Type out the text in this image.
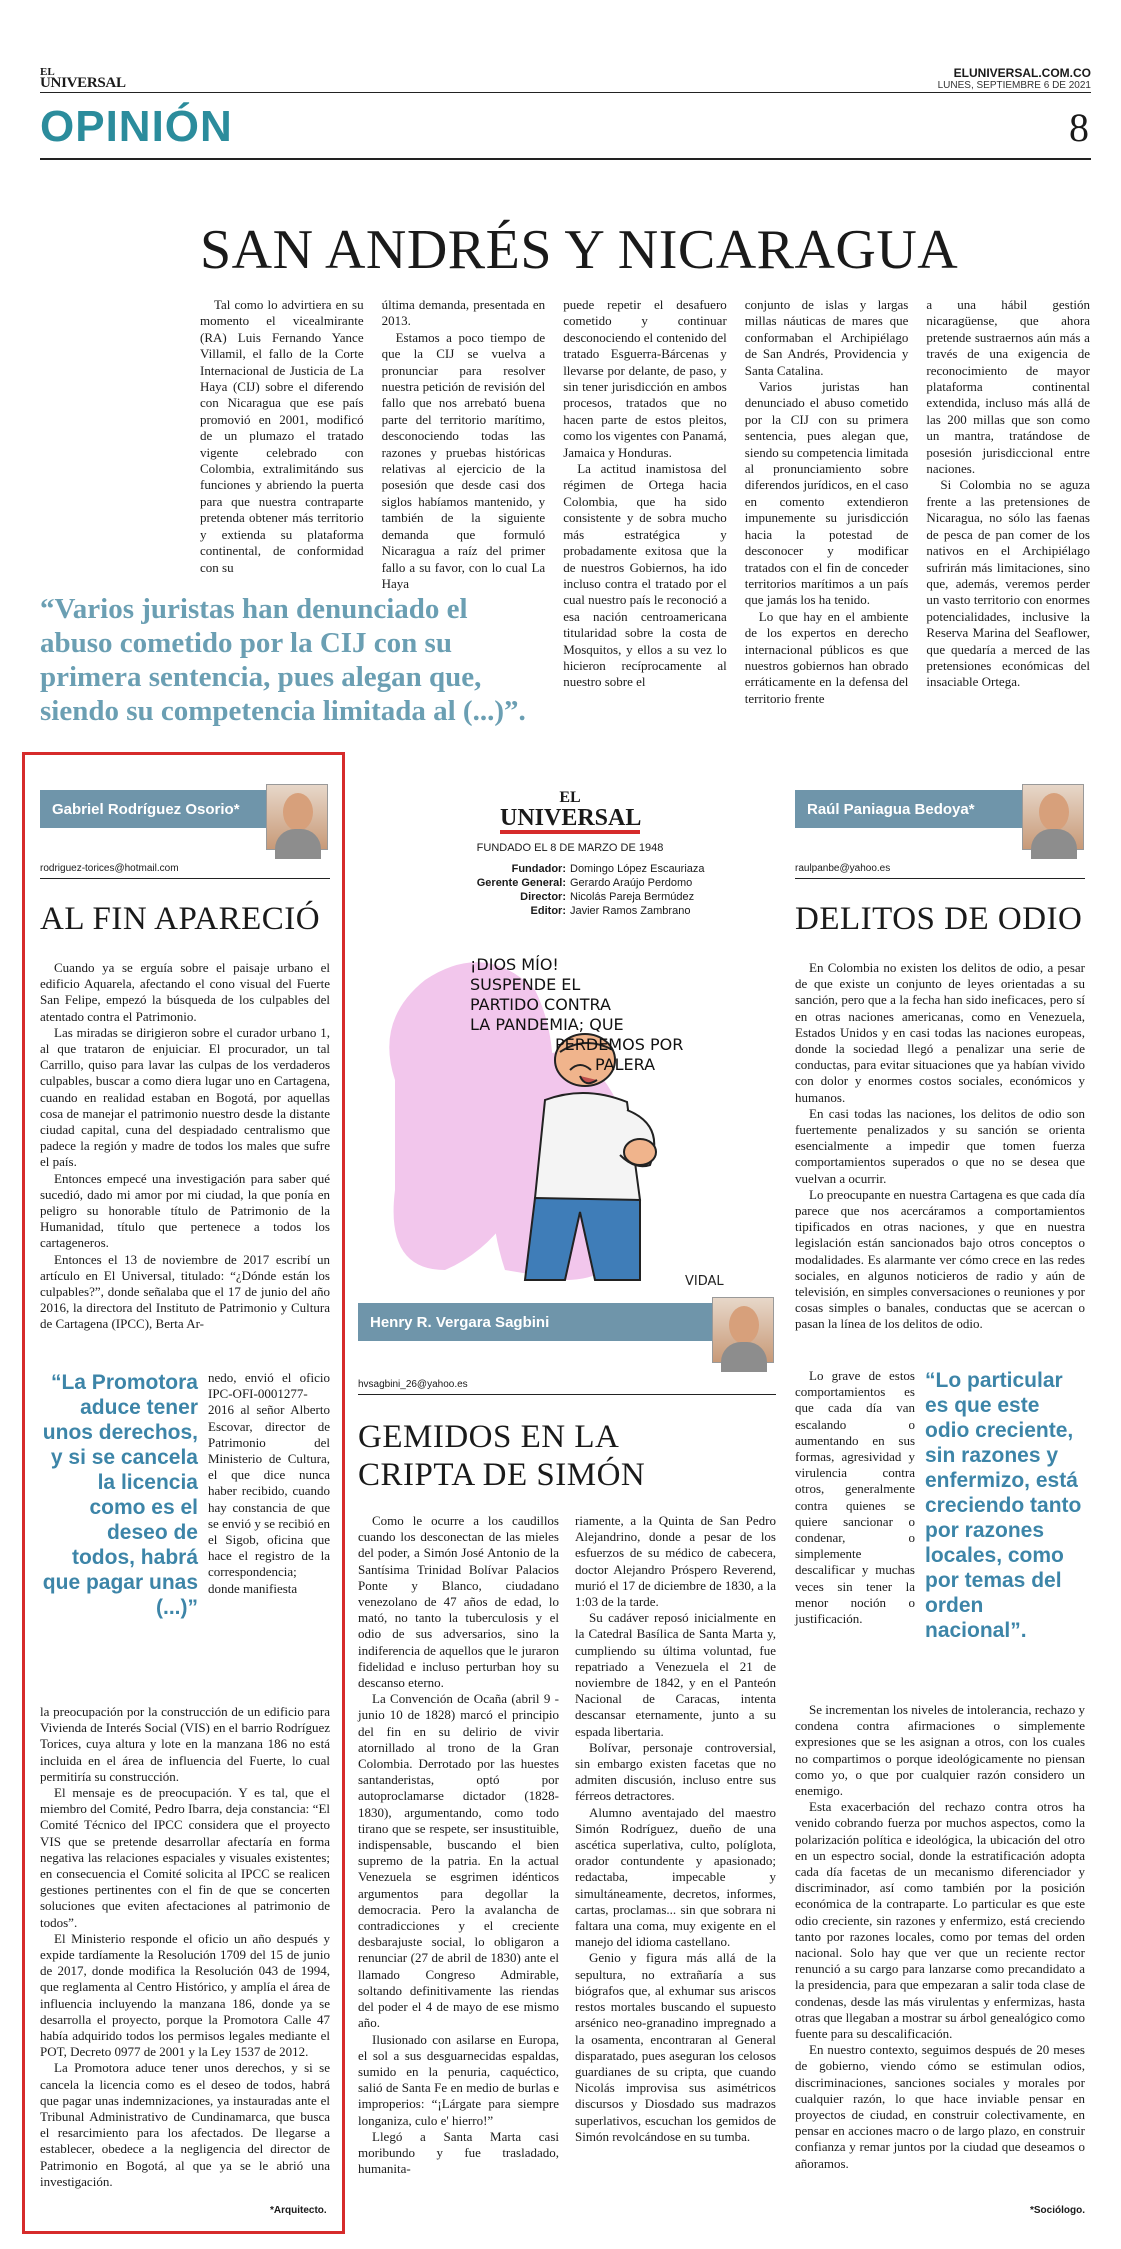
EL
UNIVERSAL
ELUNIVERSAL.COM.CO
LUNES, SEPTIEMBRE 6 DE 2021
OPINIÓN	8
SAN ANDRÉS Y NICARAGUA

Tal como lo advirtiera en su momento el vicealmirante (RA) Luis Fernando Yance Villamil, el fallo de la Corte Internacional de Justicia de La Haya (CIJ) sobre el diferendo con Nicaragua que ese país promovió en 2001, modificó de un plumazo el tratado vigente celebrado con Colombia, extralimitándo sus funciones y abriendo la puerta para que nuestra contraparte pretenda obtener más territorio y extienda su plataforma continental, de conformidad con su

última demanda, presentada en 2013.

Estamos a poco tiempo de que la CIJ se vuelva a pronunciar para resolver nuestra petición de revisión del fallo que nos arrebató buena parte del territorio marítimo, desconociendo todas las razones y pruebas históricas relativas al ejercicio de la posesión que desde casi dos siglos habíamos mantenido, y también de la siguiente demanda que formuló Nicaragua a raíz del primer fallo a su favor, con lo cual La Haya

puede repetir el desafuero cometido y continuar desconociendo el contenido del tratado Esguerra-Bárcenas y llevarse por delante, de paso, y sin tener jurisdicción en ambos procesos, tratados que no hacen parte de estos pleitos, como los vigentes con Panamá, Jamaica y Honduras.

La actitud inamistosa del régimen de Ortega hacia Colombia, que ha sido consistente y de sobra mucho más estratégica y probadamente exitosa que la de nuestros Gobiernos, ha ido incluso contra el tratado por el cual nuestro país le reconoció a esa nación centroamericana titularidad sobre la costa de Mosquitos, y ellos a su vez lo hicieron recíprocamente al nuestro sobre el

conjunto de islas y largas millas náuticas de mares que conformaban el Archipiélago de San Andrés, Providencia y Santa Catalina.

Varios juristas han denunciado el abuso cometido por la CIJ con su primera sentencia, pues alegan que, siendo su competencia limitada al pronunciamiento sobre diferendos jurídicos, en el caso en comento extendieron impunemente su jurisdicción hacia la potestad de desconocer y modificar tratados con el fin de conceder territorios marítimos a un país que jamás los ha tenido.

Lo que hay en el ambiente de los expertos en derecho internacional públicos es que nuestros gobiernos han obrado erráticamente en la defensa del territorio frente

a una hábil gestión nicaragüense, que ahora pretende sustraernos aún más a través de una exigencia de reconocimiento de mayor plataforma continental extendida, incluso más allá de las 200 millas que son como un mantra, tratándose de posesión jurisdiccional entre naciones.

Si Colombia no se aguza frente a las pretensiones de Nicaragua, no sólo las faenas de pesca de pan comer de los nativos en el Archipiélago sufrirán más limitaciones, sino que, además, veremos perder un vasto territorio con enormes potencialidades, inclusive la Reserva Marina del Seaflower, que quedaría a merced de las pretensiones económicas del insaciable Ortega.

“Varios juristas han denunciado el abuso cometido por la CIJ con su primera sentencia, pues alegan que, siendo su competencia limitada al (...)”.
Gabriel Rodríguez Osorio*
rodriguez-torices@hotmail.com
AL FIN APARECIÓ

Cuando ya se erguía sobre el paisaje urbano el edificio Aquarela, afectando el cono visual del Fuerte San Felipe, empezó la búsqueda de los culpables del atentado contra el Patrimonio.

Las miradas se dirigieron sobre el curador urbano 1, al que trataron de enjuiciar. El procurador, un tal Carrillo, quiso para lavar las culpas de los verdaderos culpables, buscar a como diera lugar uno en Cartagena, cuando en realidad estaban en Bogotá, por aquellas cosa de manejar el patrimonio nuestro desde la distante ciudad capital, cuna del despiadado centralismo que padece la región y madre de todos los males que sufre el país.

Entonces empecé una investigación para saber qué sucedió, dado mi amor por mi ciudad, la que ponía en peligro su honorable título de Patrimonio de la Humanidad, título que pertenece a todos los cartageneros.

Entonces el 13 de noviembre de 2017 escribí un artículo en El Universal, titulado: “¿Dónde están los culpables?”, donde señalaba que el 17 de junio del año 2016, la directora del Instituto de Patrimonio y Cultura de Cartagena (IPCC), Berta Ar-

“La Promotora aduce tener unos derechos, y si se cancela la licencia como es el deseo de todos, habrá que pagar unas (...)”

nedo, envió el oficio IPC-OFI-0001277-2016 al señor Alberto Escovar, director de Patrimonio del Ministerio de Cultura, el que dice nunca haber recibido, cuando hay constancia de que se envió y se recibió en el Sigob, oficina que hace el registro de la correspondencia; donde manifiesta

la preocupación por la construcción de un edificio para Vivienda de Interés Social (VIS) en el barrio Rodríguez Torices, cuya altura y lote en la manzana 186 no está incluida en el área de influencia del Fuerte, lo cual permitiría su construcción.

El mensaje es de preocupación. Y es tal, que el miembro del Comité, Pedro Ibarra, deja constancia: “El Comité Técnico del IPCC considera que el proyecto VIS que se pretende desarrollar afectaría en forma negativa las relaciones espaciales y visuales existentes; en consecuencia el Comité solicita al IPCC se realicen gestiones pertinentes con el fin de que se concerten soluciones que eviten afectaciones al patrimonio de todos”.

El Ministerio responde el oficio un año después y expide tardíamente la Resolución 1709 del 15 de junio de 2017, donde modifica la Resolución 043 de 1994, que reglamenta al Centro Histórico, y amplía el área de influencia incluyendo la manzana 186, donde ya se desarrolla el proyecto, porque la Promotora Calle 47 había adquirido todos los permisos legales mediante el POT, Decreto 0977 de 2001 y la Ley 1537 de 2012.

La Promotora aduce tener unos derechos, y si se cancela la licencia como es el deseo de todos, habrá que pagar unas indemnizaciones, ya instauradas ante el Tribunal Administrativo de Cundinamarca, que busca el resarcimiento para los afectados. De llegarse a establecer, obedece a la negligencia del director de Patrimonio en Bogotá, al que ya se le abrió una investigación.

*Arquitecto.
EL
UNIVERSAL
FUNDADO EL 8 DE MARZO DE 1948
Fundador: Domingo López Escauriaza
Gerente General: Gerardo Araújo Perdomo
Director: Nicolás Pareja Bermúdez
Editor: Javier Ramos Zambrano
¡DIOS MÍO! SUSPENDE EL PARTIDO CONTRA LA PANDEMIA; QUE PERDEMOS POR PALERA
VIDAL
Henry R. Vergara Sagbini
hvsagbini_26@yahoo.es
GEMIDOS EN LA
CRIPTA DE SIMÓN

Como le ocurre a los caudillos cuando los desconectan de las mieles del poder, a Simón José Antonio de la Santísima Trinidad Bolívar Palacios Ponte y Blanco, ciudadano venezolano de 47 años de edad, lo mató, no tanto la tuberculosis y el odio de sus adversarios, sino la indiferencia de aquellos que le juraron fidelidad e incluso perturban hoy su descanso eterno.

La Convención de Ocaña (abril 9 - junio 10 de 1828) marcó el principio del fin en su delirio de vivir atornillado al trono de la Gran Colombia. Derrotado por las huestes santanderistas, optó por autoproclamarse dictador (1828-1830), argumentando, como todo tirano que se respete, ser insustituible, indispensable, buscando el bien supremo de la patria. En la actual Venezuela se esgrimen idénticos argumentos para degollar la democracia. Pero la avalancha de contradicciones y el creciente desbarajuste social, lo obligaron a renunciar (27 de abril de 1830) ante el llamado Congreso Admirable, soltando definitivamente las riendas del poder el 4 de mayo de ese mismo año.

Ilusionado con asilarse en Europa, el sol a sus desguarnecidas espaldas, sumido en la penuria, caquéctico, salió de Santa Fe en medio de burlas e improperios: “¡Lárgate para siempre longaniza, culo e' hierro!”

Llegó a Santa Marta casi moribundo y fue trasladado, humanita-

riamente, a la Quinta de San Pedro Alejandrino, donde a pesar de los esfuerzos de su médico de cabecera, doctor Alejandro Próspero Reverend, murió el 17 de diciembre de 1830, a la 1:03 de la tarde.

Su cadáver reposó inicialmente en la Catedral Basílica de Santa Marta y, cumpliendo su última voluntad, fue repatriado a Venezuela el 21 de noviembre de 1842, y en el Panteón Nacional de Caracas, intenta descansar eternamente, junto a su espada libertaria.

Bolívar, personaje controversial, sin embargo existen facetas que no admiten discusión, incluso entre sus férreos detractores.

Alumno aventajado del maestro Simón Rodríguez, dueño de una ascética superlativa, culto, políglota, orador contundente y apasionado; redactaba, impecable y simultáneamente, decretos, informes, cartas, proclamas... sin que sobrara ni faltara una coma, muy exigente en el manejo del idioma castellano.

Genio y figura más allá de la sepultura, no extrañaría a sus biógrafos que, al exhumar sus ariscos restos mortales buscando el supuesto arsénico neo-granadino impregnado a la osamenta, encontraran al General disparatado, pues aseguran los celosos guardianes de su cripta, que cuando Nicolás improvisa sus asimétricos discursos y Diosdado sus madrazos superlativos, escuchan los gemidos de Simón revolcándose en su tumba.

Raúl Paniagua Bedoya*
raulpanbe@yahoo.es
DELITOS DE ODIO

En Colombia no existen los delitos de odio, a pesar de que existe un conjunto de leyes orientadas a su sanción, pero que a la fecha han sido ineficaces, pero sí en otras naciones americanas, como en Venezuela, Estados Unidos y en casi todas las naciones europeas, donde la sociedad llegó a penalizar una serie de conductas, para evitar situaciones que ya habían vivido con dolor y enormes costos sociales, económicos y humanos.

En casi todas las naciones, los delitos de odio son fuertemente penalizados y su sanción se orienta esencialmente a impedir que tomen fuerza comportamientos superados o que no se desea que vuelvan a ocurrir.

Lo preocupante en nuestra Cartagena es que cada día parece que nos acercáramos a comportamientos tipificados en otras naciones, y que en nuestra legislación están sancionados bajo otros conceptos o modalidades. Es alarmante ver cómo crece en las redes sociales, en algunos noticieros de radio y aún de televisión, en simples conversaciones o reuniones y por cosas simples o banales, conductas que se acercan o pasan la línea de los delitos de odio.

Lo grave de estos comportamientos es que cada día van escalando o aumentando en sus formas, agresividad y virulencia contra otros, generalmente contra quienes se quiere sancionar o condenar, o simplemente descalificar y muchas veces sin tener la menor noción o justificación.

“Lo particular es que este odio creciente, sin razones y enfermizo, está creciendo tanto por razones locales, como por temas del orden nacional”.

Se incrementan los niveles de intolerancia, rechazo y condena contra afirmaciones o simplemente expresiones que se les asignan a otros, con los cuales no compartimos o porque ideológicamente no piensan como yo, o que por cualquier razón considero un enemigo.

Esta exacerbación del rechazo contra otros ha venido cobrando fuerza por muchos aspectos, como la polarización política e ideológica, la ubicación del otro en un espectro social, donde la estratificación adopta cada día facetas de un mecanismo diferenciador y discriminador, así como también por la posición económica de la contraparte. Lo particular es que este odio creciente, sin razones y enfermizo, está creciendo tanto por razones locales, como por temas del orden nacional. Solo hay que ver que un reciente rector renunció a su cargo para lanzarse como precandidato a la presidencia, para que empezaran a salir toda clase de condenas, desde las más virulentas y enfermizas, hasta otras que llegaban a mostrar su árbol genealógico como fuente para su descalificación.

En nuestro contexto, seguimos después de 20 meses de gobierno, viendo cómo se estimulan odios, discriminaciones, sanciones sociales y morales por cualquier razón, lo que hace inviable pensar en proyectos de ciudad, en construir colectivamente, en pensar en acciones macro o de largo plazo, en construir confianza y remar juntos por la ciudad que deseamos o añoramos.

*Sociólogo.
